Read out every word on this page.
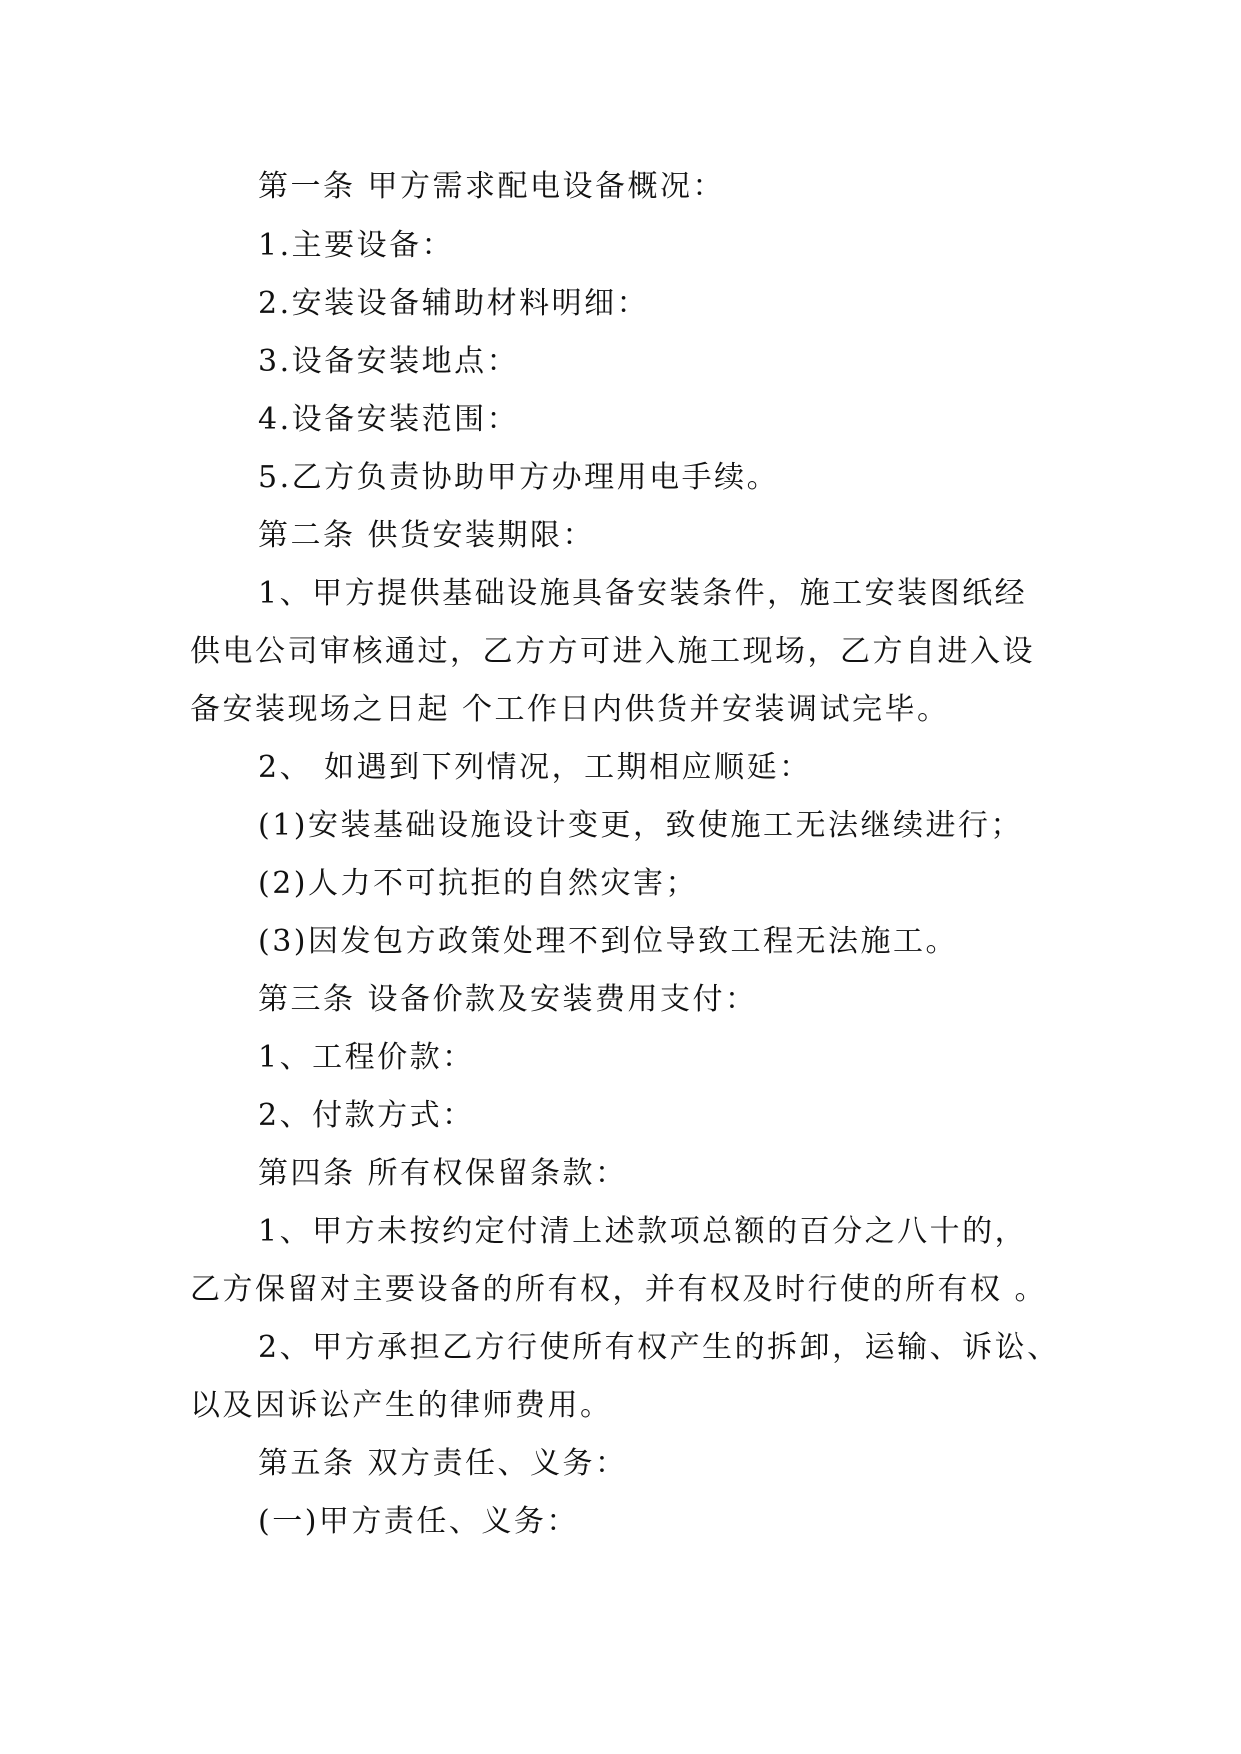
第一条 甲方需求配电设备概况：
1.主要设备：
2.安装设备辅助材料明细：
3.设备安装地点：
4.设备安装范围：
5.乙方负责协助甲方办理用电手续。
第二条 供货安装期限：
1、甲方提供基础设施具备安装条件，施工安装图纸经
供电公司审核通过，乙方方可进入施工现场，乙方自进入设
备安装现场之日起 个工作日内供货并安装调试完毕。
2、 如遇到下列情况，工期相应顺延：
(1)安装基础设施设计变更，致使施工无法继续进行；
(2)人力不可抗拒的自然灾害；
(3)因发包方政策处理不到位导致工程无法施工。
第三条 设备价款及安装费用支付：
1、工程价款：
2、付款方式：
第四条 所有权保留条款：
1、甲方未按约定付清上述款项总额的百分之八十的，
乙方保留对主要设备的所有权，并有权及时行使的所有权 。
2、甲方承担乙方行使所有权产生的拆卸，运输、诉讼、
以及因诉讼产生的律师费用。
第五条 双方责任、义务：
(一)甲方责任、义务：
